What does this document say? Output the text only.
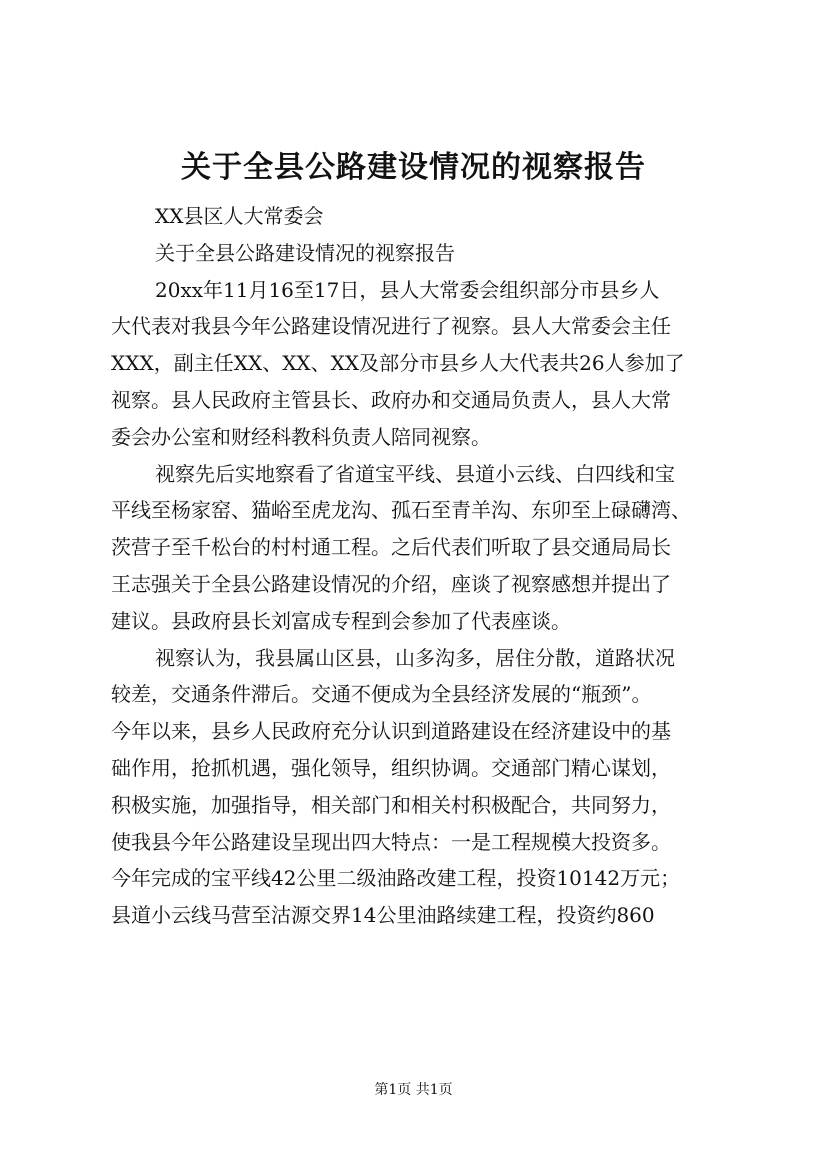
关于全县公路建设情况的视察报告
XX县区人大常委会
关于全县公路建设情况的视察报告
20xx年11月16至17日，县人大常委会组织部分市县乡人
大代表对我县今年公路建设情况进行了视察。县人大常委会主任
XXX，副主任XX、XX、XX及部分市县乡人大代表共26人参加了
视察。县人民政府主管县长、政府办和交通局负责人，县人大常
委会办公室和财经科教科负责人陪同视察。
视察先后实地察看了省道宝平线、县道小云线、白四线和宝
平线至杨家窑、猫峪至虎龙沟、孤石至青羊沟、东卯至上碌礴湾、
茨营子至千松台的村村通工程。之后代表们听取了县交通局局长
王志强关于全县公路建设情况的介绍，座谈了视察感想并提出了
建议。县政府县长刘富成专程到会参加了代表座谈。
视察认为，我县属山区县，山多沟多，居住分散，道路状况
较差，交通条件滞后。交通不便成为全县经济发展的“瓶颈”。
今年以来，县乡人民政府充分认识到道路建设在经济建设中的基
础作用，抢抓机遇，强化领导，组织协调。交通部门精心谋划，
积极实施，加强指导，相关部门和相关村积极配合，共同努力，
使我县今年公路建设呈现出四大特点：一是工程规模大投资多。
今年完成的宝平线42公里二级油路改建工程，投资10142万元；
县道小云线马营至沽源交界14公里油路续建工程，投资约860
第1页 共1页
